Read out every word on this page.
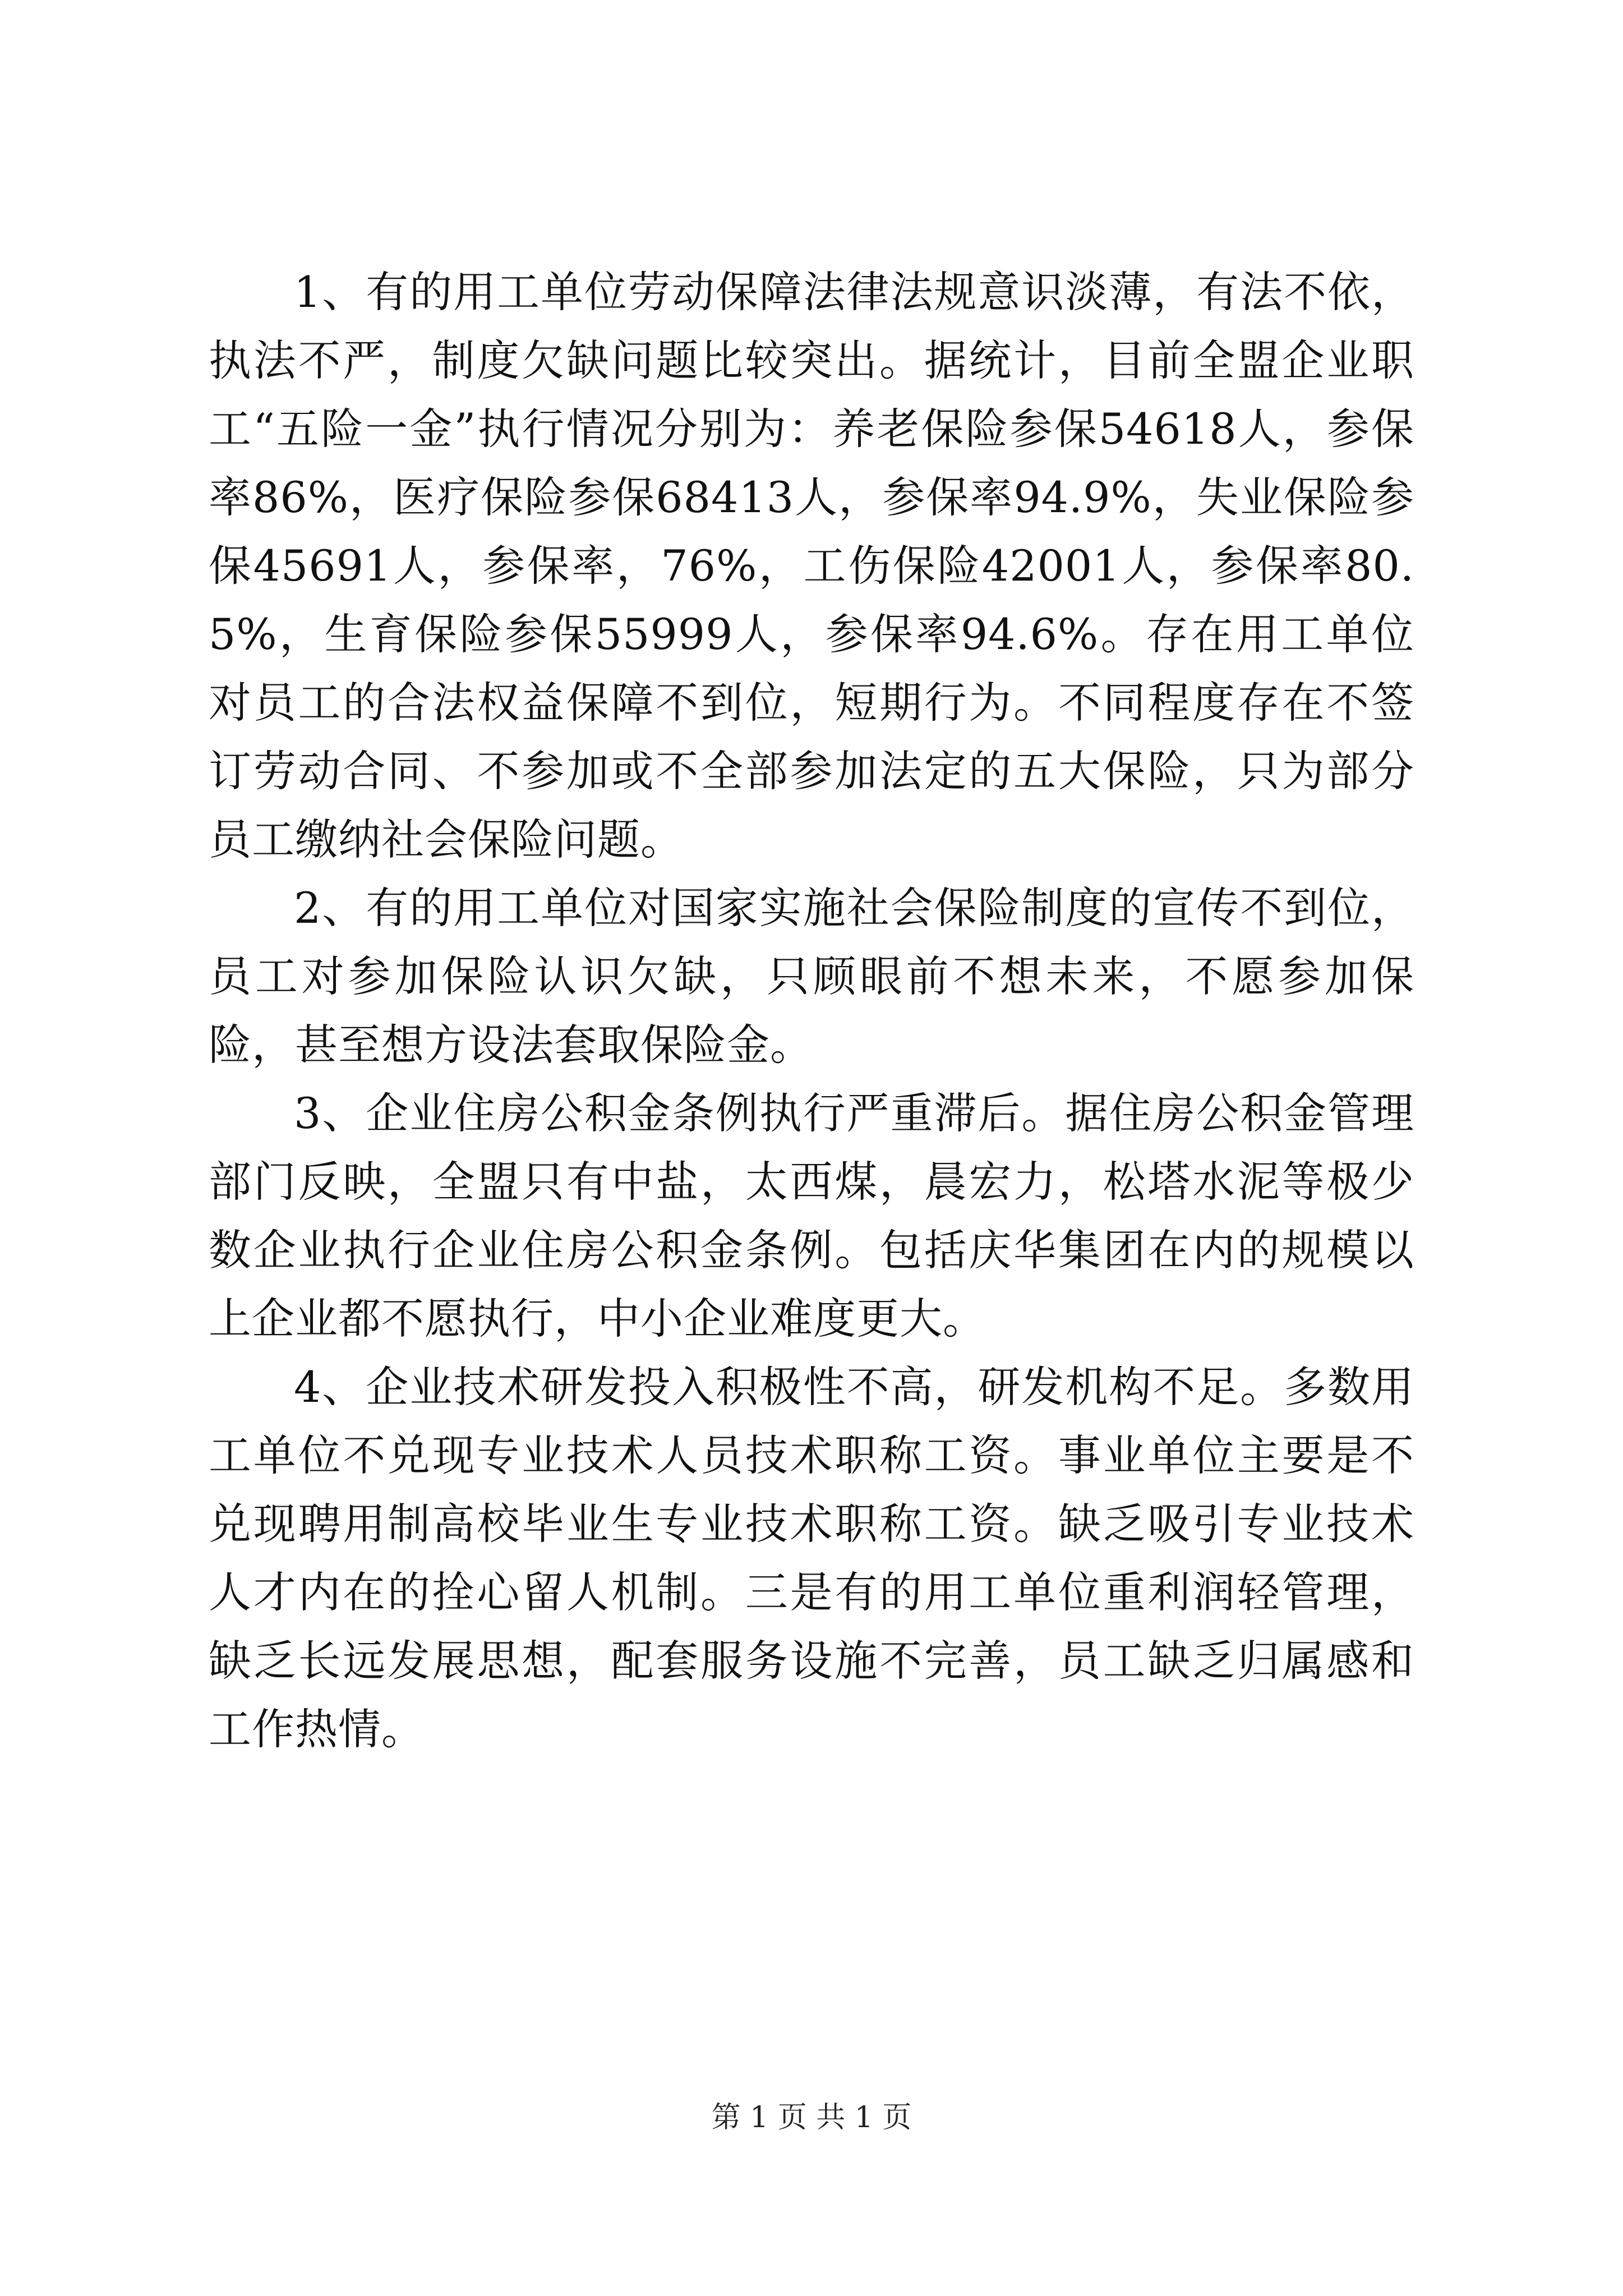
1、有的用工单位劳动保障法律法规意识淡薄，有法不依，执法不严，制度欠缺问题比较突出。据统计，目前全盟企业职工“五险一金”执行情况分别为：养老保险参保54618人，参保率86%，医疗保险参保68413人，参保率94.9%，失业保险参保45691人，参保率，76%，工伤保险42001人，参保率80.5%，生育保险参保55999人，参保率94.6%。存在用工单位对员工的合法权益保障不到位，短期行为。不同程度存在不签订劳动合同、不参加或不全部参加法定的五大保险，只为部分员工缴纳社会保险问题。

2、有的用工单位对国家实施社会保险制度的宣传不到位，员工对参加保险认识欠缺，只顾眼前不想未来，不愿参加保险，甚至想方设法套取保险金。

3、企业住房公积金条例执行严重滞后。据住房公积金管理部门反映，全盟只有中盐，太西煤，晨宏力，松塔水泥等极少数企业执行企业住房公积金条例。包括庆华集团在内的规模以上企业都不愿执行，中小企业难度更大。

4、企业技术研发投入积极性不高，研发机构不足。多数用工单位不兑现专业技术人员技术职称工资。事业单位主要是不兑现聘用制高校毕业生专业技术职称工资。缺乏吸引专业技术人才内在的拴心留人机制。三是有的用工单位重利润轻管理，缺乏长远发展思想，配套服务设施不完善，员工缺乏归属感和工作热情。

第 1 页 共 1 页
